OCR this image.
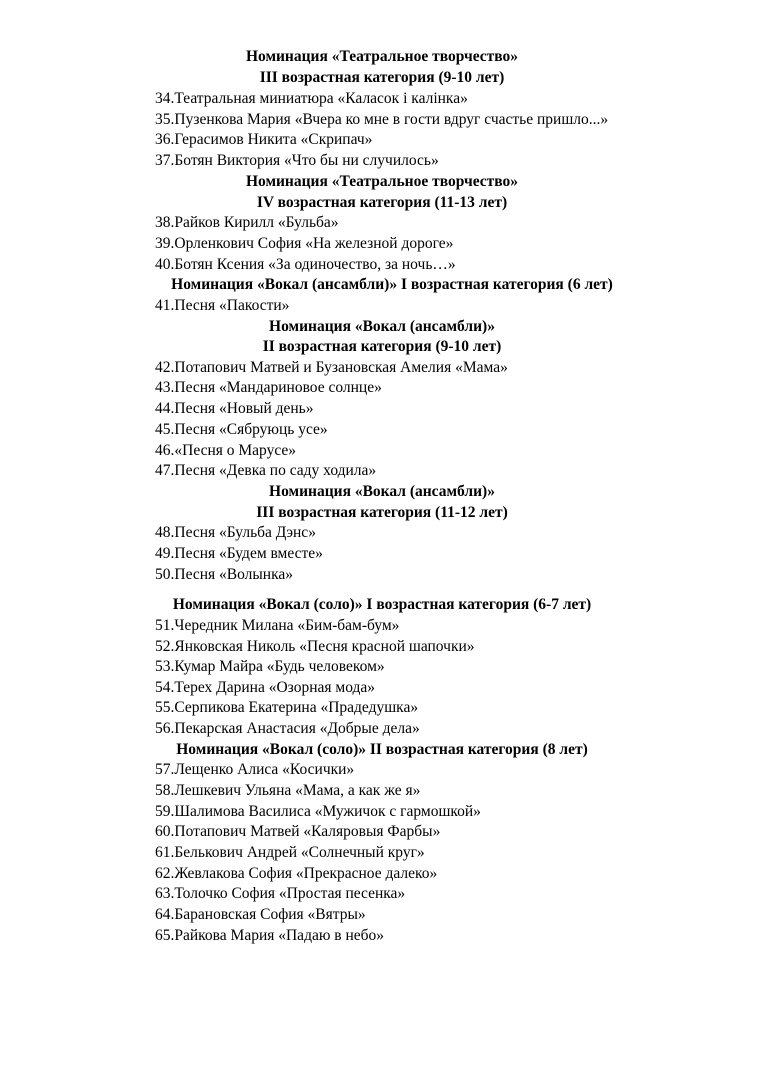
Номинация «Театральное творчество»
III возрастная категория (9-10 лет)
34.Театральная миниатюра «Каласок і калінка»
35.Пузенкова Мария «Вчера ко мне в гости вдруг счастье пришло...»
36.Герасимов Никита «Скрипач»
37.Ботян Виктория «Что бы ни случилось»
Номинация «Театральное творчество»
IV возрастная категория (11-13 лет)
38.Райков Кирилл «Бульба»
39.Орленкович София «На железной дороге»
40.Ботян Ксения «За одиночество, за ночь…»
Номинация «Вокал (ансамбли)» I возрастная категория (6 лет)
41.Песня «Пакости»
Номинация «Вокал (ансамбли)»
II возрастная категория (9-10 лет)
42.Потапович Матвей и Бузановская Амелия «Мама»
43.Песня «Мандариновое солнце»
44.Песня «Новый день»
45.Песня «Сябруюць усе»
46.«Песня о Марусе»
47.Песня «Девка по саду ходила»
Номинация «Вокал (ансамбли)»
III возрастная категория (11-12 лет)
48.Песня «Бульба Дэнс»
49.Песня «Будем вместе»
50.Песня «Волынка»
Номинация «Вокал (соло)» I возрастная категория (6-7 лет)
51.Чередник Милана «Бим-бам-бум»
52.Янковская Николь «Песня красной шапочки»
53.Кумар Майра «Будь человеком»
54.Терех Дарина «Озорная мода»
55.Серпикова Екатерина «Прадедушка»
56.Пекарская Анастасия «Добрые дела»
Номинация «Вокал (соло)» II возрастная категория (8 лет)
57.Лещенко Алиса «Косички»
58.Лешкевич Ульяна «Мама, а как же я»
59.Шалимова Василиса «Мужичок с гармошкой»
60.Потапович Матвей «Каляровыя Фарбы»
61.Белькович Андрей «Солнечный круг»
62.Жевлакова София «Прекрасное далеко»
63.Толочко София «Простая песенка»
64.Барановская София «Вятры»
65.Райкова Мария «Падаю в небо»
